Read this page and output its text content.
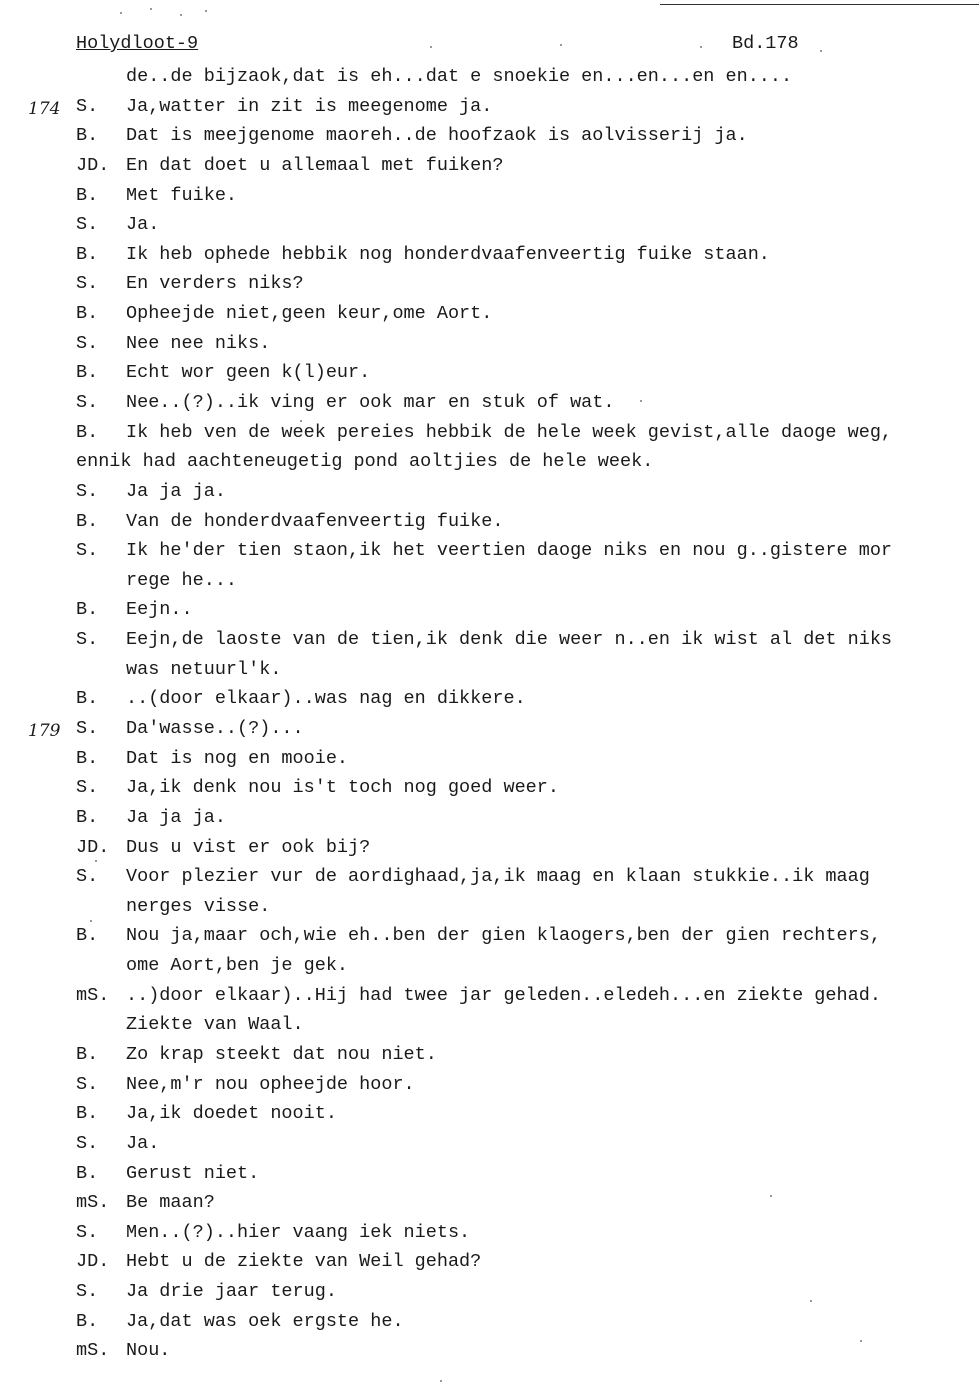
Holydloot-9	Bd.178
de..de bijzaok,dat is eh...dat e snoekie en...en...en en....
174 S. Ja,watter in zit is meegenome ja.
B. Dat is meejgenome maoreh..de hoofzaok is aolvisserij ja.
JD. En dat doet u allemaal met fuiken?
B. Met fuike.
S. Ja.
B. Ik heb ophede hebbik nog honderdvaafenveertig fuike staan.
S. En verders niks?
B. Opheejde niet,geen keur,ome Aort.
S. Nee nee niks.
B. Echt wor geen k(l)eur.
S. Nee..(?)..ik ving er ook mar en stuk of wat.
B. Ik heb ven de week pereies hebbik de hele week gevist,alle daoge weg,
ennik had aachteneugetig pond aoltjies de hele week.
S. Ja ja ja.
B. Van de honderdvaafenveertig fuike.
S. Ik he'der tien staon,ik het veertien daoge niks en nou g..gistere mor
rege he...
B. Eejn..
S. Eejn,de laoste van de tien,ik denk die weer n..en ik wist al det niks
was netuurl'k.
B. ..(door elkaar)..was nag en dikkere.
179 S. Da'wasse..(?)...
B. Dat is nog en mooie.
S. Ja,ik denk nou is't toch nog goed weer.
B. Ja ja ja.
JD. Dus u vist er ook bij?
S. Voor plezier vur de aordighaad,ja,ik maag en klaan stukkie..ik maag
nerges visse.
B. Nou ja,maar och,wie eh..ben der gien klaogers,ben der gien rechters,
ome Aort,ben je gek.
mS. ..)door elkaar)..Hij had twee jar geleden..eledeh...en ziekte gehad.
Ziekte van Waal.
B. Zo krap steekt dat nou niet.
S. Nee,m'r nou opheejde hoor.
B. Ja,ik doedet nooit.
S. Ja.
B. Gerust niet.
mS. Be maan?
S. Men..(?)..hier vaang iek niets.
JD. Hebt u de ziekte van Weil gehad?
S. Ja drie jaar terug.
B. Ja,dat was oek ergste he.
mS. Nou.
